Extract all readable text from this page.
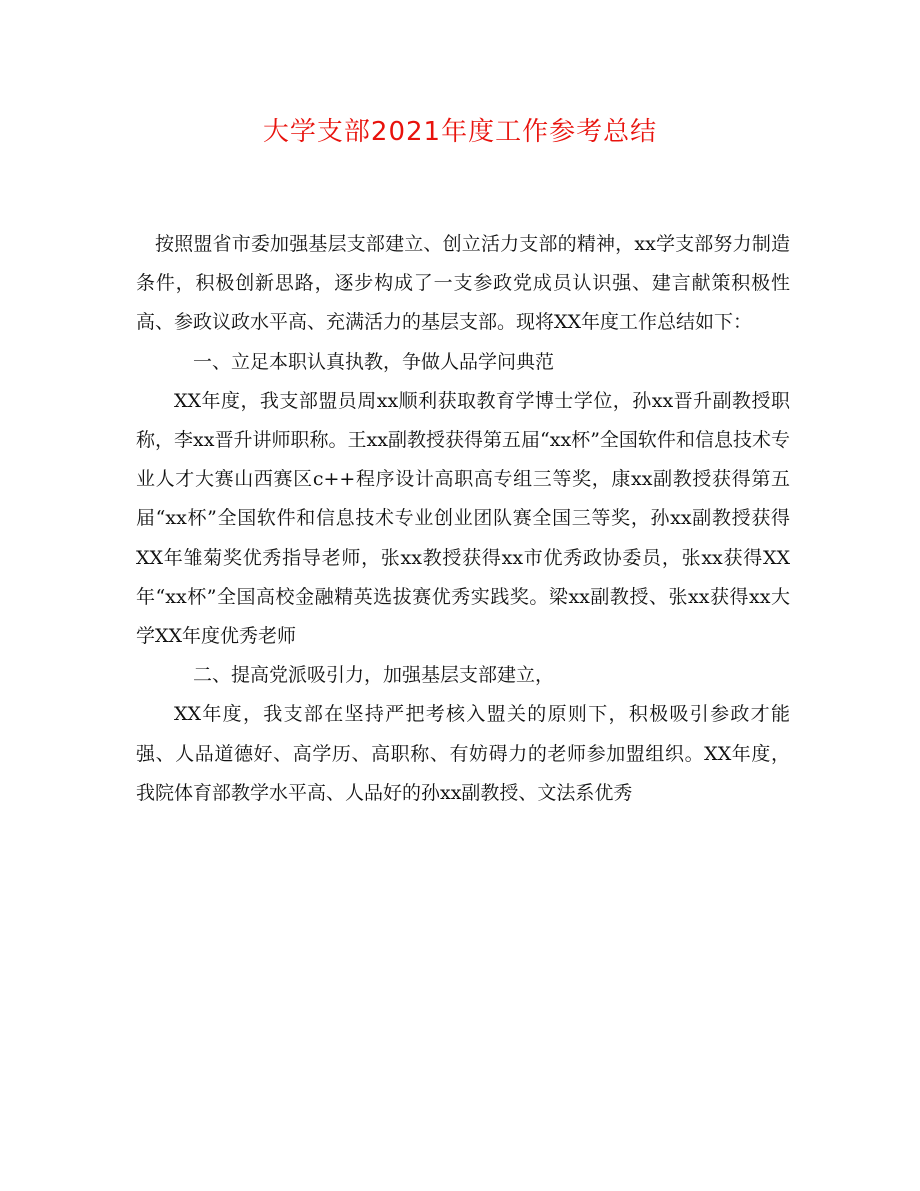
大学支部2021年度工作参考总结

按照盟省市委加强基层支部建立、创立活力支部的精神，xx学支部努力制造条件，积极创新思路，逐步构成了一支参政党成员认识强、建言献策积极性高、参政议政水平高、充满活力的基层支部。现将XX年度工作总结如下：

一、立足本职认真执教，争做人品学问典范

XX年度，我支部盟员周xx顺利获取教育学博士学位，孙xx晋升副教授职称，李xx晋升讲师职称。王xx副教授获得第五届“xx杯”全国软件和信息技术专业人才大赛山西赛区c++程序设计高职高专组三等奖，康xx副教授获得第五届“xx杯”全国软件和信息技术专业创业团队赛全国三等奖，孙xx副教授获得XX年雏菊奖优秀指导老师，张xx教授获得xx市优秀政协委员，张xx获得XX年“xx杯”全国高校金融精英选拔赛优秀实践奖。梁xx副教授、张xx获得xx大学XX年度优秀老师

二、提高党派吸引力，加强基层支部建立，

XX年度，我支部在坚持严把考核入盟关的原则下，积极吸引参政才能强、人品道德好、高学历、高职称、有妨碍力的老师参加盟组织。XX年度，我院体育部教学水平高、人品好的孙xx副教授、文法系优秀
